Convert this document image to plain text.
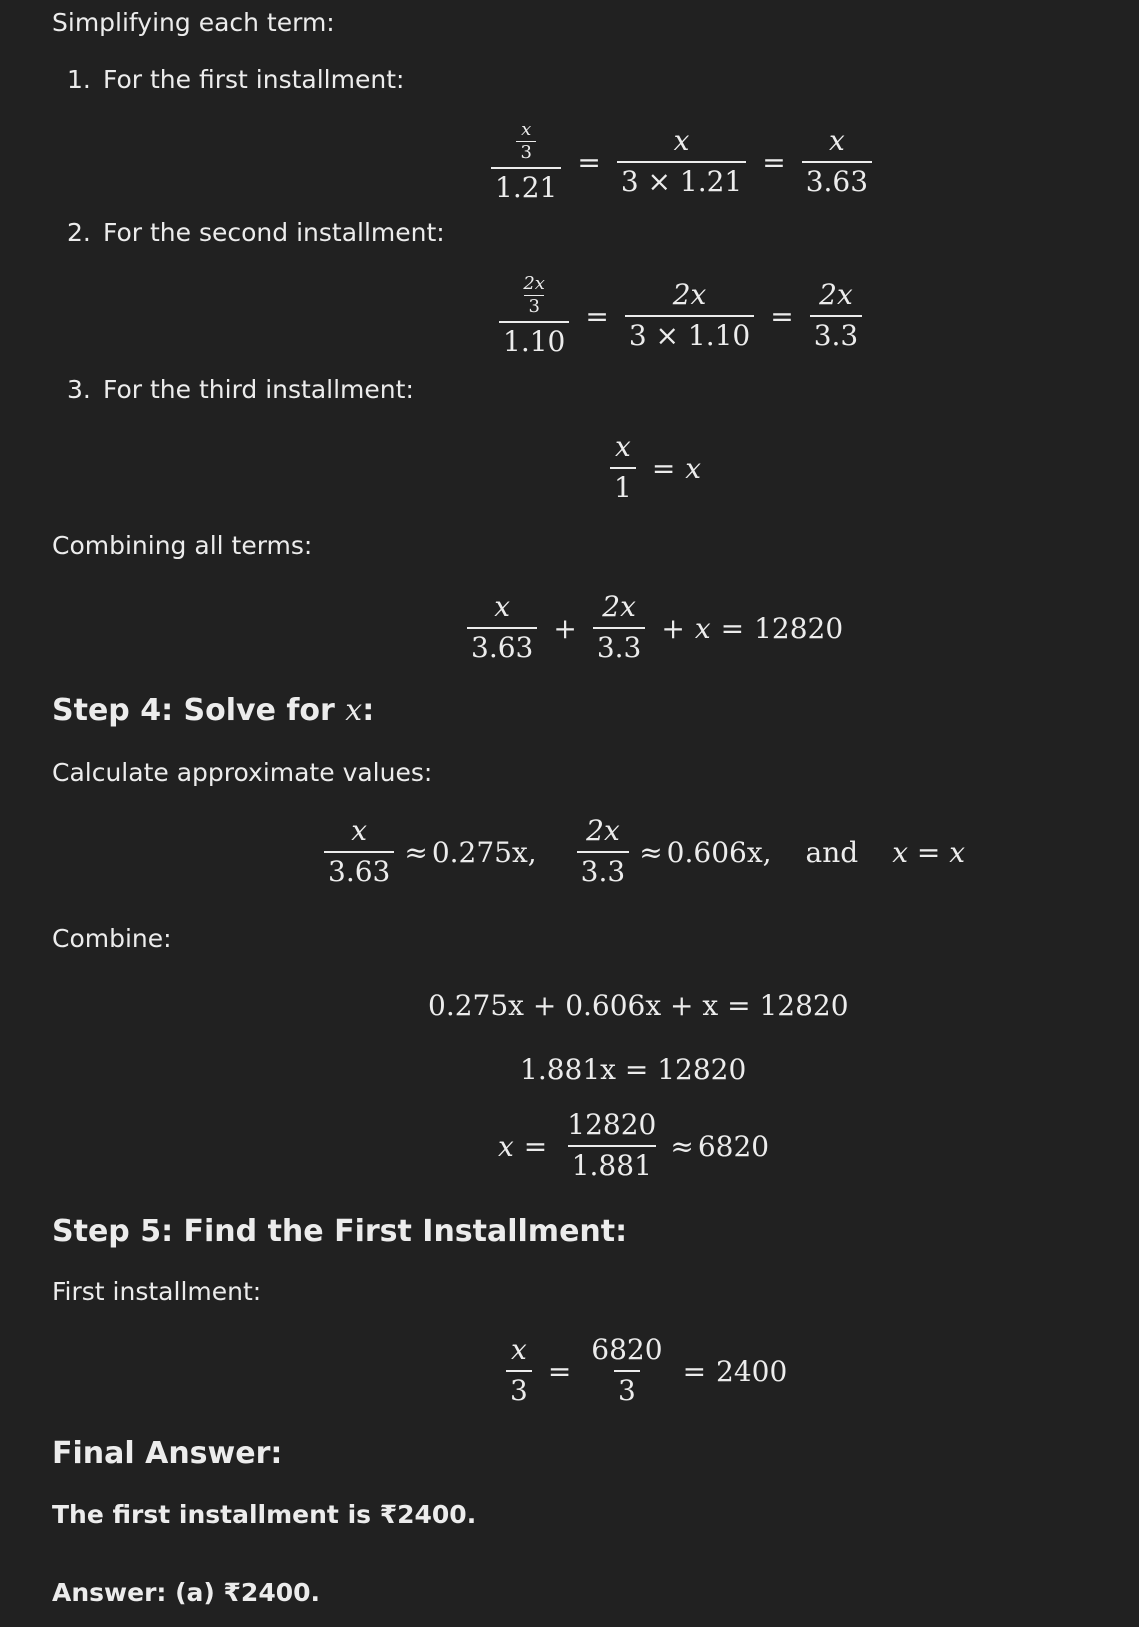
Simplifying each term:
1. For the first installment:
$\frac{\frac{x}{3}}{1.21} = \frac{x}{3 \times 1.21} = \frac{x}{3.63}$
2. For the second installment:
$\frac{\frac{2x}{3}}{1.10} = \frac{2x}{3 \times 1.10} = \frac{2x}{3.3}$
3. For the third installment:
$\frac{x}{1} = x$
Combining all terms:
$\frac{x}{3.63} + \frac{2x}{3.3} + x = 12820$
Step 4: Solve for x:
Calculate approximate values:
$\frac{x}{3.63} \approx 0.275x$, $\frac{2x}{3.3} \approx 0.606x$, and x = x
Combine:
0.275x + 0.606x + x = 12820
1.881x = 12820
$x = \frac{12820}{1.881} \approx 6820$
Step 5: Find the First Installment:
First installment:
$\frac{x}{3} = \frac{6820}{3} = 2400$
Final Answer:
The first installment is ₹2400.
Answer: (a) ₹2400.
